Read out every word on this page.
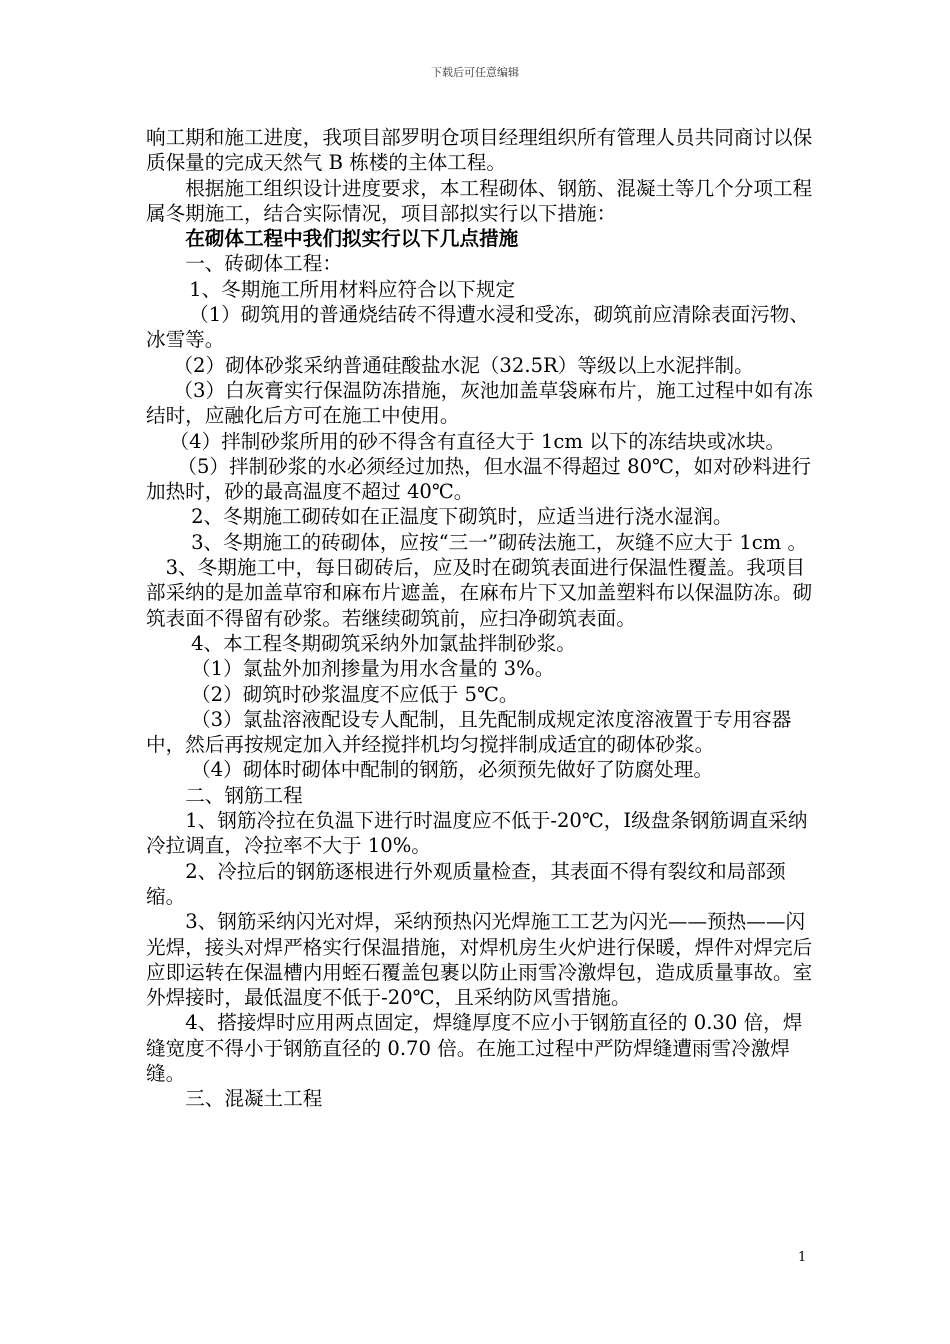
下载后可任意编辑

响工期和施工进度，我项目部罗明仓项目经理组织所有管理人员共同商讨以保质保量的完成天然气 B 栋楼的主体工程。

根据施工组织设计进度要求，本工程砌体、钢筋、混凝土等几个分项工程属冬期施工，结合实际情况，项目部拟实行以下措施：

在砌体工程中我们拟实行以下几点措施

一、砖砌体工程：

1、冬期施工所用材料应符合以下规定

（1）砌筑用的普通烧结砖不得遭水浸和受冻，砌筑前应清除表面污物、冰雪等。

（2）砌体砂浆采纳普通硅酸盐水泥（32.5R）等级以上水泥拌制。

（3）白灰膏实行保温防冻措施，灰池加盖草袋麻布片，施工过程中如有冻结时，应融化后方可在施工中使用。

（4）拌制砂浆所用的砂不得含有直径大于 1cm 以下的冻结块或冰块。

（5）拌制砂浆的水必须经过加热，但水温不得超过 80℃，如对砂料进行加热时，砂的最高温度不超过 40℃。

2、冬期施工砌砖如在正温度下砌筑时，应适当进行浇水湿润。

3、冬期施工的砖砌体，应按“三一”砌砖法施工，灰缝不应大于 1cm 。

3、冬期施工中，每日砌砖后，应及时在砌筑表面进行保温性覆盖。我项目部采纳的是加盖草帘和麻布片遮盖，在麻布片下又加盖塑料布以保温防冻。砌筑表面不得留有砂浆。若继续砌筑前，应扫净砌筑表面。

4、本工程冬期砌筑采纳外加氯盐拌制砂浆。

（1）氯盐外加剂掺量为用水含量的 3%。

（2）砌筑时砂浆温度不应低于 5℃。

（3）氯盐溶液配设专人配制，且先配制成规定浓度溶液置于专用容器中，然后再按规定加入并经搅拌机均匀搅拌制成适宜的砌体砂浆。

（4）砌体时砌体中配制的钢筋，必须预先做好了防腐处理。

二、钢筋工程

1、钢筋冷拉在负温下进行时温度应不低于-20℃，Ⅰ级盘条钢筋调直采纳冷拉调直，冷拉率不大于 10%。

2、冷拉后的钢筋逐根进行外观质量检查，其表面不得有裂纹和局部颈缩。

3、钢筋采纳闪光对焊，采纳预热闪光焊施工工艺为闪光——预热——闪光焊，接头对焊严格实行保温措施，对焊机房生火炉进行保暖，焊件对焊完后应即运转在保温槽内用蛭石覆盖包裹以防止雨雪冷激焊包，造成质量事故。室外焊接时，最低温度不低于-20℃，且采纳防风雪措施。

4、搭接焊时应用两点固定，焊缝厚度不应小于钢筋直径的 0.30 倍，焊缝宽度不得小于钢筋直径的 0.70 倍。在施工过程中严防焊缝遭雨雪冷激焊缝。

三、混凝土工程

1
